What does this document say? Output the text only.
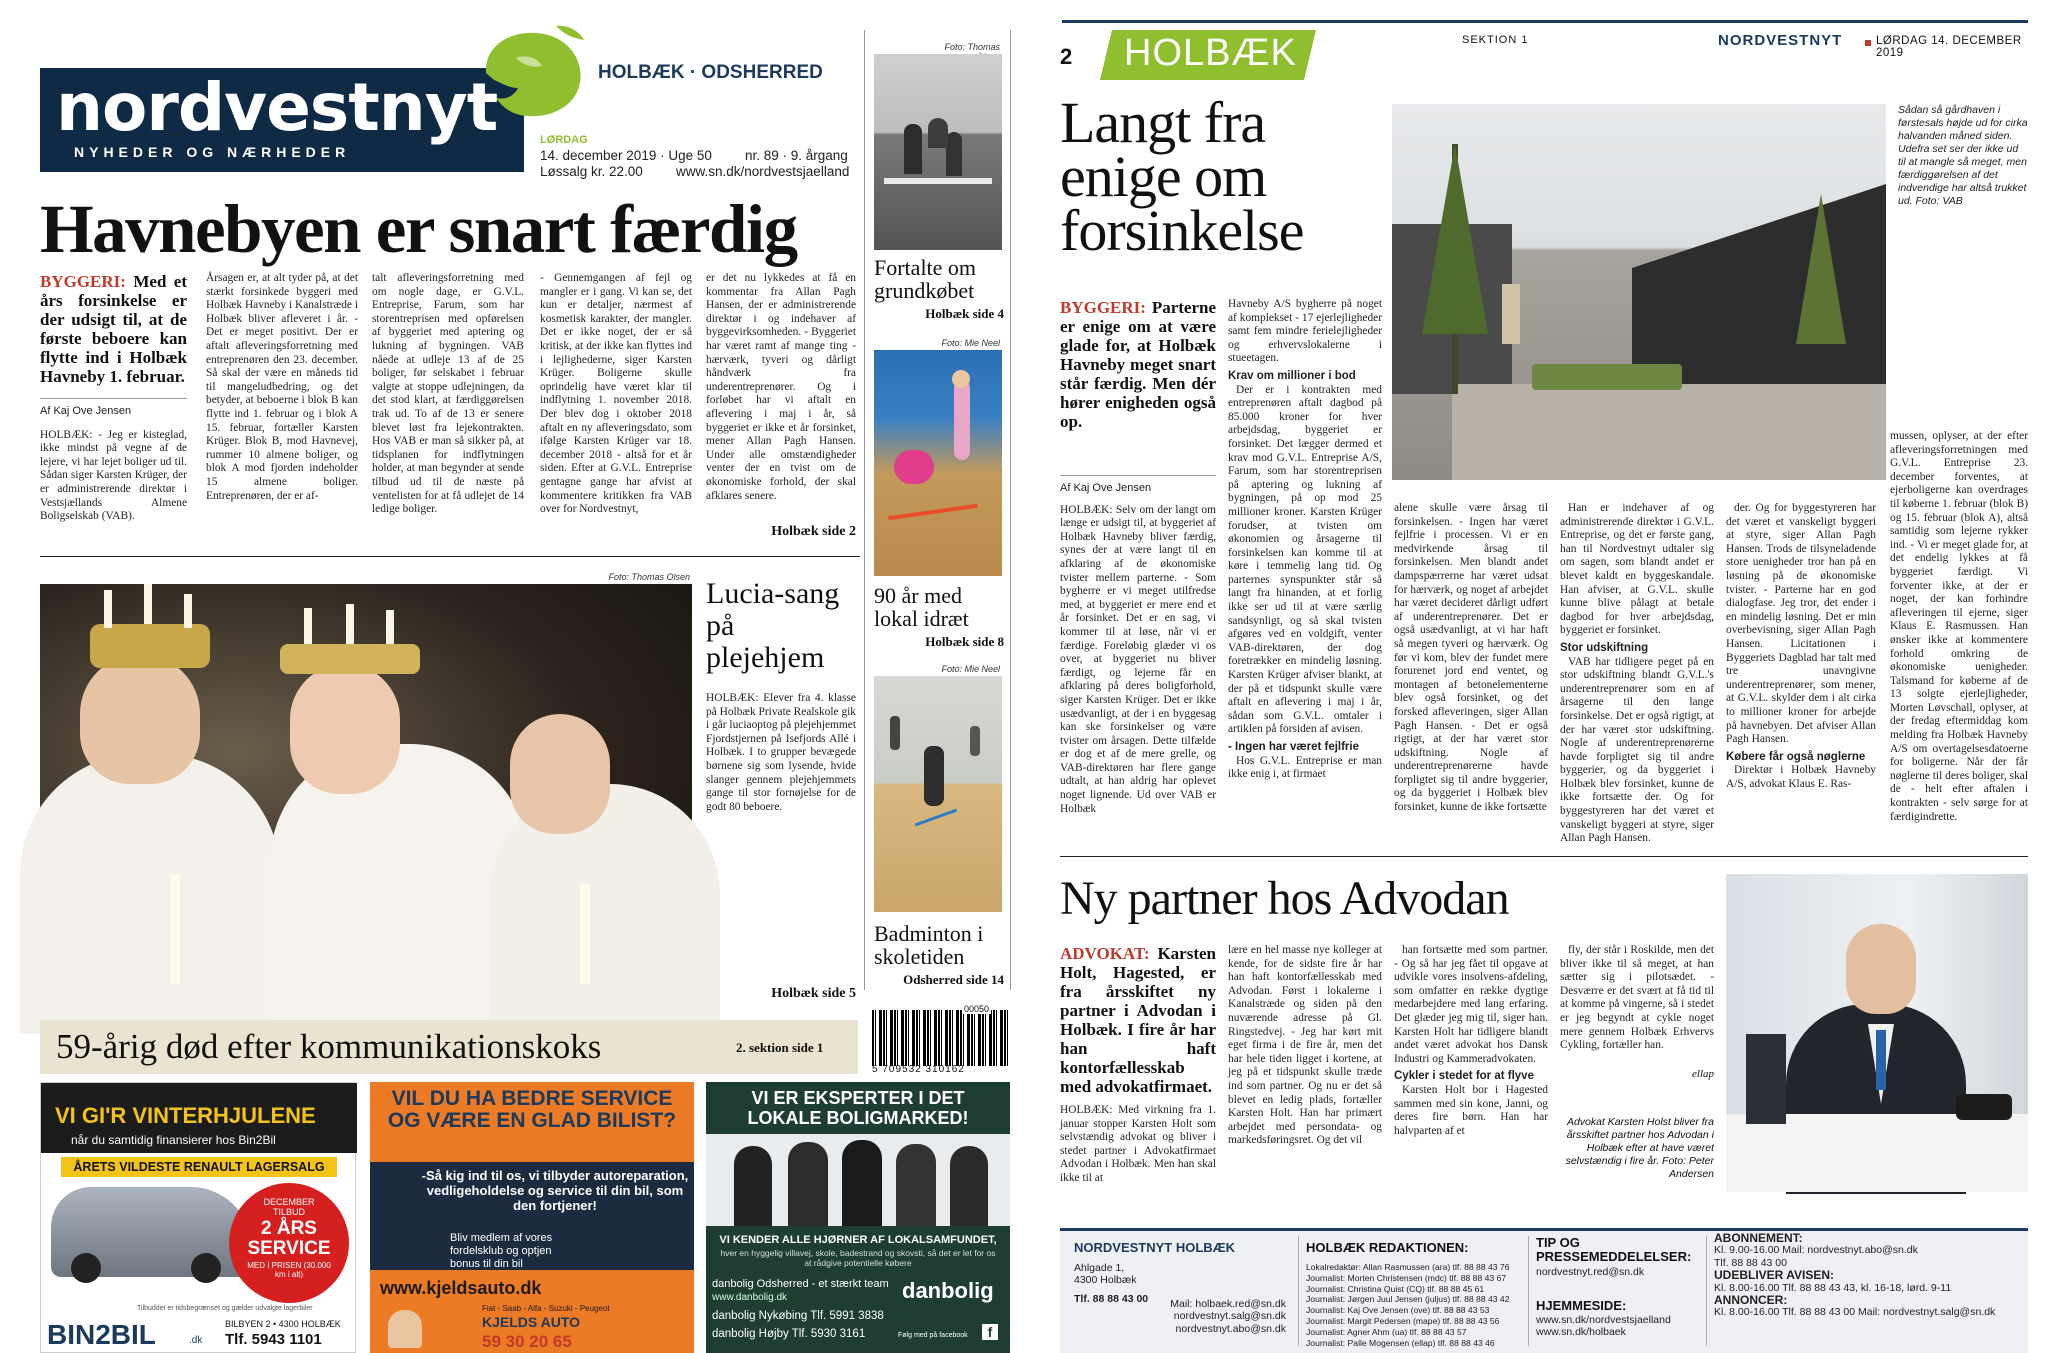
nordvestnyt
NYHEDER OG NÆRHEDER
HOLBÆK · ODSHERRED
LØRDAG
14. december 2019 · Uge 50 nr. 89 · 9. årgang
Løssalg kr. 22.00 www.sn.dk/nordvestsjaelland
Havnebyen er snart færdig

BYGGERI: Med et års forsinkelse er der udsigt til, at de første beboere kan flytte ind i Holbæk Havneby 1. februar.

Af Kaj Ove Jensen

HOLBÆK: - Jeg er kistеglad, ikke mindst på vegne af de lejere, vi har lejet boliger ud til. Sådan siger Karsten Krüger, der er administrerende direktør i Vestsjællands Almene Boligselskab (VAB).

Årsagen er, at alt tyder på, at det stærkt forsinkede byggeri med Holbæk Havneby i Kanalstræde i Holbæk bliver afleveret i år. - Det er meget positivt. Der er aftalt afleveringsforretning med entreprenøren den 23. december. Så skal der være en måneds tid til mangeludbedring, og det betyder, at beboerne i blok B kan flytte ind 1. februar og i blok A 15. februar, fortæller Karsten Krüger. Blok B, mod Havnevej, rummer 10 almene boliger, og blok A mod fjorden indeholder 15 almene boliger. Entreprenøren, der er af-
talt afleveringsforretning med om nogle dage, er G.V.L. Entreprise, Farum, som har storentreprisen med opførelsen af byggeriet med aptering og lukning af bygningen. VAB nåede at udleje 13 af de 25 boliger, før selskabet i februar valgte at stoppe udlejningen, da det stod klart, at færdiggørelsen trak ud. To af de 13 er senere blevet løst fra lejekontrakten. Hos VAB er man så sikker på, at tidsplanen for indflytningen holder, at man begynder at sende tilbud ud til de næste på ventelisten for at få udlejet de 14 ledige boliger.
- Gennemgangen af fejl og mangler er i gang. Vi kan se, det kun er detaljer, nærmest af kosmetisk karakter, der mangler. Det er ikke noget, der er så kritisk, at der ikke kan flyttes ind i lejlighederne, siger Karsten Krüger. Boligerne skulle oprindelig have været klar til indflytning 1. november 2018. Der blev dog i oktober 2018 aftalt en ny afleveringsdato, som ifølge Karsten Krüger var 18. december 2018 - altså for et år siden. Efter at G.V.L. Entreprise gentagne gange har afvist at kommentere kritikken fra VAB over for Nordvestnyt,
er det nu lykkedes at få en kommentar fra Allan Pagh Hansen, der er administrerende direktør i og indehaver af byggevirksomheden. - Byggeriet har været ramt af mange ting - hærværk, tyveri og dårligt håndværk fra underentreprenører. Og i forløbet har vi aftalt en aflevering i maj i år, så byggeriet er ikke et år forsinket, mener Allan Pagh Hansen. Under alle omstændigheder venter der en tvist om de økonomiske forhold, der skal afklares senere.
Holbæk side 2
Foto: Thomas
Fortalte om grundkøbet
Holbæk side 4
Foto: Mie Neel
90 år med lokal idræt
Holbæk side 8
Foto: Mie Neel
Badminton i skoletiden
Odsherred side 14
Foto: Thomas Olsen Lucia-sang på plejehjem
HOLBÆK: Elever fra 4. klasse på Holbæk Private Realskole gik i går luciaoptog på plejehjemmet Fjordstjernen på Isefjords Allé i Holbæk. I to grupper bevægede børnene sig som lysende, hvide slanger gennem plejehjemmets gange til stor fornøjelse for de godt 80 beboere.
Holbæk side 5
59-årig død efter kommunikationskoks	2. sektion side 1
00050
5 709532 310162
VI GI'R VINTERHJULENE
når du samtidig finansierer hos Bin2Bil
ÅRETS VILDESTE RENAULT LAGERSALG
DECEMBER TILBUD
2 ÅRS SERVICE
MED I PRISEN (30.000 km i alt)
Tilbuddet er tidsbegrænset og gælder udvalgte lagerbiler
BIN2BIL	.dk
BILBYEN 2 • 4300 HOLBÆK
Tlf. 5943 1101
VIL DU HA BEDRE SERVICE OG VÆRE EN GLAD BILIST?
-Så kig ind til os, vi tilbyder autoreparation, vedligeholdelse og service til din bil, som den fortjener!
Bliv medlem af vores fordelsklub og optjen bonus til din bil
www.kjeldsauto.dk
Fiat - Saab - Alfa - Suzuki - Peugeot
KJELDS AUTO
59 30 20 65
VI ER EKSPERTER I DET LOKALE BOLIGMARKED!
VI KENDER ALLE HJØRNER AF LOKALSAMFUNDET,
hver en hyggelig villavej, skole, badestrand og skovsti, så det er let for os at rådgive potentielle købere
danbolig Odsherred - et stærkt team
www.danbolig.dk	danbolig
danbolig Nykøbing Tlf. 5991 3838
danbolig Højby Tlf. 5930 3161	Følg med på facebook	f
2 HOLBÆK	SEKTION 1	NORDVESTNYT	LØRDAG 14. DECEMBER 2019
Langt fra enige om forsinkelse
Sådan så gårdhaven i førstesals højde ud for cirka halvanden måned siden. Udefra set ser der ikke ud til at mangle så meget, men færdiggørelsen af det indvendige har altså trukket ud. Foto: VAB

BYGGERI: Parterne er enige om at være glade for, at Holbæk Havneby meget snart står færdig. Men dér hører enigheden også op.

Af Kaj Ove Jensen

HOLBÆK: Selv om der langt om længe er udsigt til, at byggeriet af Holbæk Havneby bliver færdig, synes der at være langt til en afklaring af de økonomiske tvister mellem parterne. - Som bygherre er vi meget utilfredse med, at byggeriet er mere end et år forsinket. Det er en sag, vi kommer til at løse, når vi er færdige. Foreløbig glæder vi os over, at byggeriet nu bliver færdigt, og lejerne får en afklaring på deres boligforhold, siger Karsten Krüger. Det er ikke usædvanligt, at der i en byggesag kan ske forsinkelser og være tvister om årsagen. Dette tilfælde er dog et af de mere grelle, og VAB-direktøren har flere gange udtalt, at han aldrig har oplevet noget lignende. Ud over VAB er Holbæk

Havneby A/S bygherre på noget af komplekset - 17 ejerlejligheder samt fem mindre ferielejligheder og erhvervslokalerne i stueetagen.

Krav om millioner i bod

Der er i kontrakten med entreprenøren aftalt dagbod på 85.000 kroner for hver arbejdsdag, byggeriet er forsinket. Det lægger dermed et krav mod G.V.L. Entreprise A/S, Farum, som har storentreprisen på aptering og lukning af bygningen, på op mod 25 millioner kroner. Karsten Krüger forudser, at tvisten om økonomien og årsagerne til forsinkelsen kan komme til at køre i temmelig lang tid. Og parternes synspunkter står så langt fra hinanden, at et forlig ikke ser ud til at være særlig sandsynligt, og så skal tvisten afgøres ved en voldgift, venter VAB-direktøren, der dog foretrækker en mindelig løsning. Karsten Krüger afviser blankt, at der på et tidspunkt skulle være aftalt en aflevering i maj i år, sådan som G.V.L. omtaler i artiklen på forsiden af avisen.

- Ingen har været fejlfrie

Hos G.V.L. Entreprise er man ikke enig i, at firmaet

alene skulle være årsag til forsinkelsen. - Ingen har været fejlfrie i processen. Vi er en medvirkende årsag til forsinkelsen. Men blandt andet dampspærrerne har været udsat for hærværk, og noget af arbejdet har været decideret dårligt udført af underentreprenører. Det er også usædvanligt, at vi har haft så megen tyveri og hærværk. Og før vi kom, blev der fundet mere forurenet jord end ventet, og montagen af betonelementerne blev også forsinket, og det forsked afleveringen, siger Allan Pagh Hansen. - Det er også rigtigt, at der har været stor udskiftning. Nogle af underentreprenørerne havde forpligtet sig til andre byggerier, og da byggeriet i Holbæk blev forsinket, kunne de ikke fortsætte

Han er indehaver af og administrerende direktør i G.V.L. Entreprise, og det er første gang, han til Nordvestnyt udtaler sig om sagen, som blandt andet er blevet kaldt en byggeskandale. Han afviser, at G.V.L. skulle kunne blive pålagt at betale dagbod for hver arbejdsdag, byggeriet er forsinket.

Stor udskiftning

VAB har tidligere peget på en stor udskiftning blandt G.V.L.'s underentreprenører som en af årsagerne til den lange forsinkelse. Det er også rigtigt, at der har været stor udskiftning. Nogle af underentreprenørerne havde forpligtet sig til andre byggerier, og da byggeriet i Holbæk blev forsinket, kunne de ikke fortsætte der. Og for byggestyreren har det været et vanskeligt byggeri at styre, siger Allan Pagh Hansen.

der. Og for byggestyreren har det været et vanskeligt byggeri at styre, siger Allan Pagh Hansen. Trods de tilsyneladende store uenigheder tror han på en løsning på de økonomiske tvister. - Parterne har en god dialogfase. Jeg tror, det ender i en mindelig løsning. Det er min overbevisning, siger Allan Pagh Hansen. Licitationen i Byggeriets Dagblad har talt med tre unavngivne underentreprenører, som mener, at G.V.L. skylder dem i alt cirka to millioner kroner for arbejde på havnebyen. Det afviser Allan Pagh Hansen.

Købere får også nøglerne

Direktør i Holbæk Havneby A/S, advokat Klaus E. Ras-

mussen, oplyser, at der efter afleveringsforretningen med G.V.L. Entreprise 23. december forventes, at ejerboligerne kan overdrages til køberne 1. februar (blok B) og 15. februar (blok A), altså samtidig som lejerne rykker ind. - Vi er meget glade for, at det endelig lykkes at få byggeriet færdigt. Vi forventer ikke, at der er noget, der kan forhindre afleveringen til ejerne, siger Klaus E. Rasmussen. Han ønsker ikke at kommentere forhold omkring de økonomiske uenigheder. Talsmand for køberne af de 13 solgte ejerlejligheder, Morten Løvschall, oplyser, at der fredag eftermiddag kom melding fra Holbæk Havneby A/S om overtagelsesdatoerne for boligerne. Når der får nøglerne til deres boliger, skal de - helt efter aftalen i kontrakten - selv sørge for at færdigindrette.
Ny partner hos Advodan

ADVOKAT: Karsten Holt, Hagested, er fra årsskiftet ny partner i Advodan i Holbæk. I fire år har han haft kontorfællesskab med advokatfirmaet.

HOLBÆK: Med virkning fra 1. januar stopper Karsten Holt som selvstændig advokat og bliver i stedet partner i Advokatfirmaet Advodan i Holbæk. Men han skal ikke til at

lære en hel masse nye kolleger at kende, for de sidste fire år har han haft kontorfællesskab med Advodan. Først i lokalerne i Kanalstræde og siden på den nuværende adresse på Gl. Ringstedvej. - Jeg har kørt mit eget firma i de fire år, men det har hele tiden ligget i kortene, at jeg på et tidspunkt skulle træde ind som partner. Og nu er det så blevet en ledig plads, fortæller Karsten Holt. Han har primært arbejdet med persondata- og markedsføringsret. Og det vil

han fortsætte med som partner. - Og så har jeg fået til opgave at udvikle vores insolvens-afdeling, som omfatter en række dygtige medarbejdere med lang erfaring. Det glæder jeg mig til, siger han. Karsten Holt har tidligere blandt andet været advokat hos Dansk Industri og Kammeradvokaten.

Cykler i stedet for at flyve

Karsten Holt bor i Hagested sammen med sin kone, Janni, og deres fire børn. Han har halvparten af et

fly, der står i Roskilde, men det bliver ikke til så meget, at han sætter sig i pilotsædet. - Desværre er det svært at få tid til at komme på vingerne, så i stedet er jeg begyndt at cykle noget mere gennem Holbæk Erhvervs Cykling, fortæller han.

ellap
Advokat Karsten Holst bliver fra årsskiftet partner hos Advodan i Holbæk efter at have været selvstændig i fire år. Foto: Peter Andersen
NORDVESTNYT HOLBÆK
Ahlgade 1,
4300 Holbæk
Tlf. 88 88 43 00	Mail: holbaek.red@sn.dk
nordvestnyt.salg@sn.dk
nordvestnyt.abo@sn.dk
HOLBÆK REDAKTIONEN:
Lokalredaktør: Allan Rasmussen (ara) tlf. 88 88 43 76
Journalist: Morten Christensen (mdc) tlf. 88 88 43 67
Journalist: Christina Quist (CQ) tlf. 88 88 45 61
Journalist: Jørgen Juul Jensen (juljus) tlf. 88 88 43 42
Journalist: Kaj Ove Jensen (ove) tlf. 88 88 43 53
Journalist: Margit Pedersen (mape) tlf. 88 88 43 56
Journalist: Agner Ahm (ua) tlf. 88 88 43 57
Journalist: Palle Mogensen (ellap) tlf. 88 88 43 46
TIP OG PRESSEMEDDELELSER:
nordvestnyt.red@sn.dk
HJEMMESIDE:
www.sn.dk/nordvestsjaelland
www.sn.dk/holbaek
ABONNEMENT:
Kl. 9.00-16.00 Mail: nordvestnyt.abo@sn.dk
Tlf. 88 88 43 00
UDEBLIVER AVISEN:
Kl. 8.00-16.00 Tlf. 88 88 43 43, kl. 16-18, lørd. 9-11
ANNONCER:
Kl. 8.00-16.00 Tlf. 88 88 43 00 Mail: nordvestnyt.salg@sn.dk
